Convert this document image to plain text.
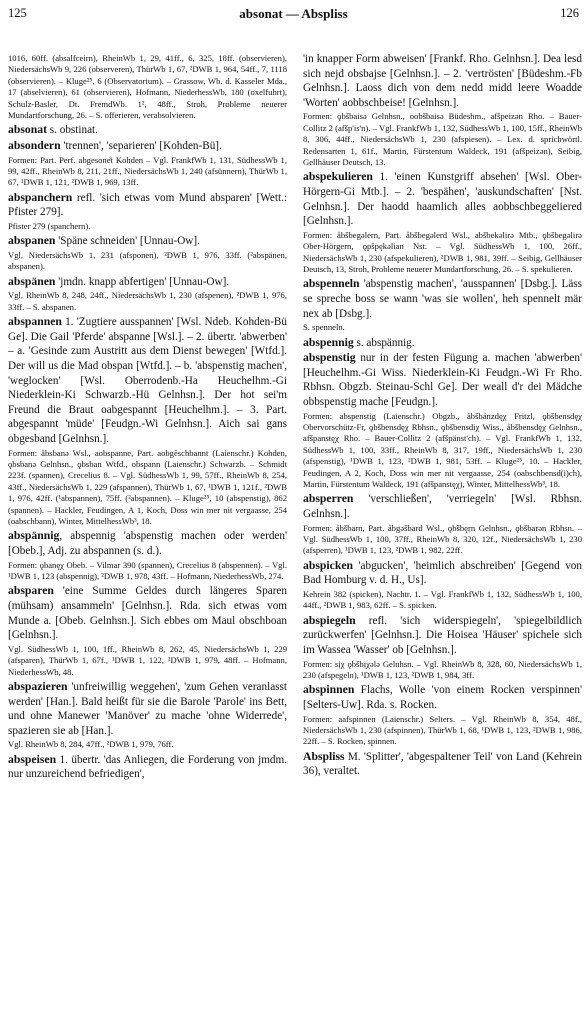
125	absonat — Abspliss	126

1016, 60ff. (absalfceirn), RheinWb 1, 29, 41ff., 6, 325, 18ff. (observieren), NiedersächsWb 9, 226 (observeren), ThürWb 1, 67, ²DWB 1, 964, 54ff., 7, 1118 (observieren). – Kluge²⁵, 6 (Observatorium). – Grassow, Wb. d. Kasseler Mda., 17 (abselvieren), 61 (observieren), Hofmann, NiederhessWb, 180 (oxelfuhrt), Schulz-Basler, Dt. FremdWb. 1², 48ff., Stroh, Probleme neuerer Mundartforschung, 26. – S. offerieren, verabsolvieren.

absonat s. obstinat.

absondern 'trennen', 'separieren' [Kohden-Bü].

Formen: Part. Perf. abgesone̊t Kohden – Vgl. FrankfWb 1, 131, SüdhessWb 1, 99, 42ff., RheinWb 8, 211, 21ff., NiedersächsWb 1, 240 (afsünnern), ThürWb 1, 67, ¹DWB 1, 121, ²DWB 1, 969, 13ff.

abspanchern refl. 'sich etwas vom Mund absparen' [Wett.: Pfister 279].

Pfister 279 (spanchern).

abspanen 'Späne schneiden' [Unnau-Ow].

Vgl. NiedersächsWb 1, 231 (afsponen), ²DWB 1, 976, 33ff. (²abspänen, abspanen).

abspänen 'jmdn. knapp abfertigen' [Unnau-Ow].

Vgl. RheinWb 8, 248, 24ff., NiedersächsWb 1, 230 (afspenen), ²DWB 1, 976, 33ff. – S. abspanen.

abspannen 1. 'Zugtiere ausspannen' [Wsl. Ndeb. Kohden-Bü Ge]. Die Gail 'Pferde' abspanne [Wsl.]. – 2. übertr. 'abwerben' – a. 'Gesinde zum Austritt aus dem Dienst bewegen' [Wtfd.]. Der will us die Mad obspan [Wtfd.]. – b. 'abspenstig machen', 'weglocken' [Wsl. Oberrodenb.-Ha Heuchelhm.-Gi Niederklein-Ki Schwarzb.-Hü Gelnhsn.]. Der hot sei'm Freund die Braut oabgespannt [Heuchelhm.]. – 3. Part. abgespannt 'müde' [Feudgn.-Wi Gelnhsn.]. Aich sai gans obgesband [Gelnhsn.].

Formen: åbsbanə Wsl., aobspanne, Part. aobgĕschbannt (Laienschr.) Kohden, ǫbsbanə Gelnhsn., ǫbsban Wtfd., obspann (Laienschr.) Schwarzb. – Schmidt 223f. (spannen), Crecelius 8. – Vgl. SüdhessWb 1, 99, 57ff., RheinWb 8, 254, 43ff., NiedersächsWb 1, 229 (afspannen), ThürWb 1, 67, ¹DWB 1, 121f., ²DWB 1, 976, 42ff. (¹abspannen), 75ff. (²abspannen). – Kluge²⁵, 10 (abspenstig), 862 (spannen). – Hackler, Feudingen, A 1, Koch, Doss win mer nit vergaasse, 254 (oabschbann), Winter, MittelhessWb³, 18.

abspännig, abspennig 'abspenstig machen oder werden' [Obeb.], Adj. zu abspannen (s. d.).

Formen: ǫbanęχ Obeb. – Vilmar 390 (spannen), Crecelius 8 (abspennen). – Vgl. ¹DWB 1, 123 (abspennig), ²DWB 1, 978, 43ff. – Hofmann, NiederhessWb, 274.

absparen 'eine Summe Geldes durch längeres Sparen (mühsam) ansammeln' [Gelnhsn.]. Rda. sich etwas vom Munde a. [Obeb. Gelnhsn.]. Sich ebbes om Maul obschboan [Gelnhsn.].

Vgl. SüdhessWb 1, 100, 1ff., RheinWb 8, 262, 45, NiedersächsWb 1, 229 (afsparen), ThürWb 1, 67f., ¹DWB 1, 122, ²DWB 1, 979, 48ff. – Hofmann, NiederhessWb, 48.

abspazieren 'unfreiwillig weggehen', 'zum Gehen veranlasst werden' [Han.]. Bald heißt für sie die Barole 'Parole' ins Bett, und ohne Manewer 'Manöver' zu mache 'ohne Widerrede', spazieren sie ab [Han.].

Vgl. RheinWb 8, 284, 47ff., ²DWB 1, 979, 76ff.

abspeisen 1. übertr. 'das Anliegen, die Forderung von jmdm. nur unzureichend befriedigen',

'in knapper Form abweisen' [Frankf. Rho. Gelnhsn.]. Dea lesd sich nejd obsbajse [Gelnhsn.]. – 2. 'vertrösten' [Büdeshm.-Fb Gelnhsn.]. Laoss dich von dem nedd midd leere Woadde 'Worten' aobbschbeise! [Gelnhsn.].

Formen: ǫbšbaisə Gelnhsn., oobšbaisə Büdeshm., afšpeizən Rho. – Bauer-Collitz 2 (afšp'is'n). – Vgl. FrankfWb 1, 132, SüdhessWb 1, 100, 15ff., RheinWb 8, 306, 44ff., NiedersächsWb 1, 230 (afspiesen). – Lex. d. sprichwörtl. Redensarten 1, 61f., Martin, Fürstentum Waldeck, 191 (afšpeizən), Seibig, Gellhäuser Deutsch, 13.

abspekulieren 1. 'einen Kunstgriff absehen' [Wsl. Ober-Hörgern-Gi Mtb.]. – 2. 'bespähen', 'auskundschaften' [Nst. Gelnhsn.]. Der haodd haamlich alles aobbschbeggeliered [Gelnhsn.].

Formen: åbšbegəlern, Part. åbšbegəlerd Wsl., abšbekəlirə Mtb., ǫbšbegəlirə Ober-Hörgern, ǫpšpękəlian Nst. – Vgl. SüdhessWb 1, 100, 26ff., NiedersächsWb 1, 230 (afspekulieren), ²DWB 1, 981, 39ff. – Seibig, Gellhäuser Deutsch, 13, Stroh, Probleme neuerer Mundartforschung, 26. – S. spekulieren.

abspenneln 'abspenstig machen', 'ausspannen' [Dsbg.]. Läss se spreche boss se wann 'was sie wollen', heh spennelt mär nex ab [Dsbg.].

S. spenneln.

abspennig s. abspännig.

abspenstig nur in der festen Fügung a. machen 'abwerben' [Heuchelhm.-Gi Wiss. Niederklein-Ki Feudgn.-Wi Fr Rho. Rbhsn. Obgzb. Steinau-Schl Ge]. Der weall d'r dei Mädche obbspenstig mache [Feudgn.].

Formen: abspenstig (Laienschr.) Obgzb., åbšbånzdęχ Fritzl, ǫbšbensdęχ Obervorschütz-Fr, ǫbšbensdęχ Rbhsn., ǫbšbensdiχ Wiss., åbšbensdęχ Gelnhsn., afšpanstęχ Rho. – Bauer-Collitz 2 (afšpänst'ch). – Vgl. FrankfWb 1, 132, SüdhessWb 1, 100, 33ff., RheinWb 8, 317, 19ff., NiedersächsWb 1, 230 (afspenstig), ¹DWB 1, 123, ²DWB 1, 981, 53ff. – Kluge²⁵, 10. – Hackler, Feudingen, A 2, Koch, Doss win mer nit vergaasse, 254 (oabschbensd(i)ch), Martin, Fürstentum Waldeck, 191 (afšpanstęχ), Winter, MittelhessWb³, 18.

absperren 'verschließen', 'verriegeln' [Wsl. Rbhsn. Gelnhsn.].

Formen: åbšbarn, Part. åbgəšbard Wsl., ǫbšbęṛn Gelnhsn., ǫbšbarən Rbhsn. – Vgl. SüdhessWb 1, 100, 37ff., RheinWb 8, 320, 12f., NiedersächsWb 1, 230 (afsperren), ¹DWB 1, 123, ²DWB 1, 982, 22ff.

abspicken 'abgucken', 'heimlich abschreiben' [Gegend von Bad Homburg v. d. H., Us].

Kehrein 382 (spicken), Nachtr. 1. – Vgl. FrankfWb 1, 132, SüdhessWb 1, 100, 44ff., ²DWB 1, 983, 62ff. – S. spicken.

abspiegeln refl. 'sich widerspiegeln', 'spiegelbildlich zurückwerfen' [Gelnhsn.]. Die Hoisea 'Häuser' spichele sich im Wassea 'Wasser' ob [Gelnhsn.].

Formen: sịχ ǫbšbịχələ Gelnhsn. – Vgl. RheinWb 8, 328, 60, NiedersächsWb 1, 230 (afspegeln), ¹DWB 1, 123, ²DWB 1, 984, 3ff.

abspinnen Flachs, Wolle 'von einem Rocken verspinnen' [Selters-Uw]. Rda. s. Rocken.

Formen: aafspinnen (Laienschr.) Selters. – Vgl. RheinWb 8, 354, 48f., NiedersächsWb 1, 230 (afspinnen), ThürWb 1, 68, ¹DWB 1, 123, ²DWB 1, 986, 22ff. – S. Rocken, spinnen.

Abspliss M. 'Splitter', 'abgespaltener Teil' von Land (Kehrein 36), veraltet.
